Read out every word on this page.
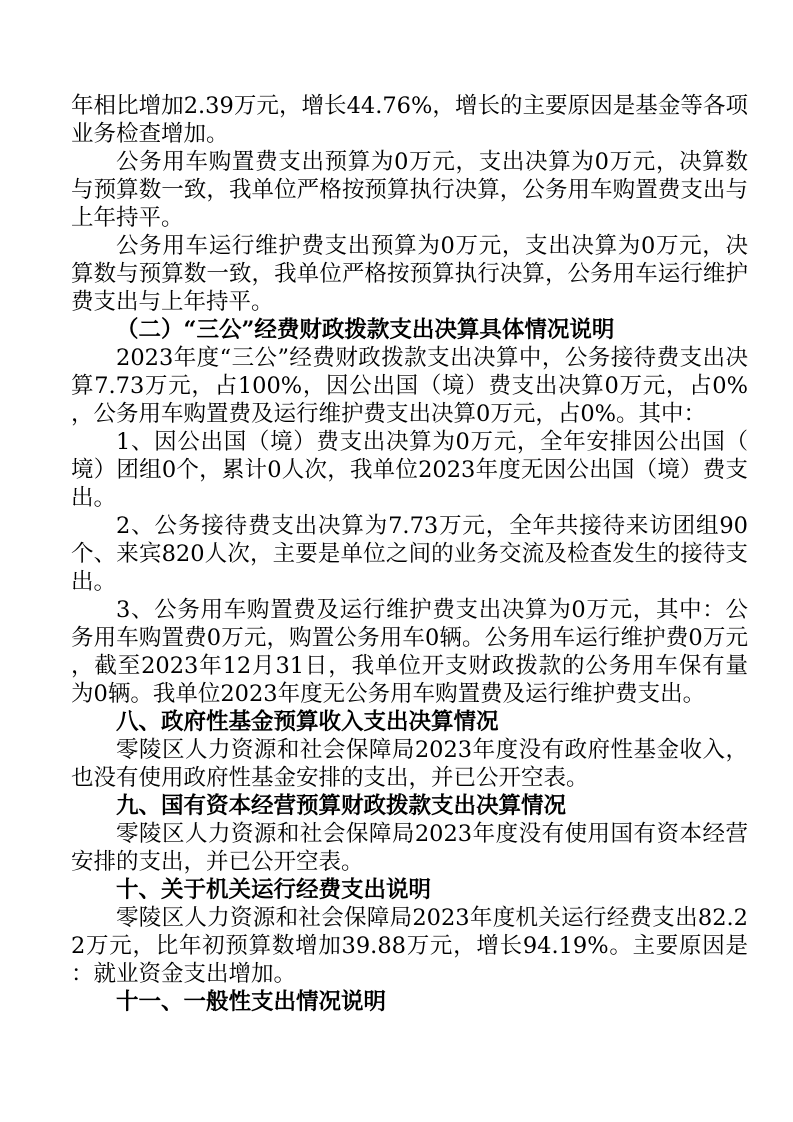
年相比增加2.39万元，增长44.76%，增长的主要原因是基金等各项业务检查增加。

公务用车购置费支出预算为0万元，支出决算为0万元，决算数与预算数一致，我单位严格按预算执行决算，公务用车购置费支出与上年持平。

公务用车运行维护费支出预算为0万元，支出决算为0万元，决算数与预算数一致，我单位严格按预算执行决算，公务用车运行维护费支出与上年持平。

（二）“三公”经费财政拨款支出决算具体情况说明

2023年度“三公”经费财政拨款支出决算中，公务接待费支出决算7.73万元，占100%，因公出国（境）费支出决算0万元，占0%，公务用车购置费及运行维护费支出决算0万元，占0%。其中：

1、因公出国（境）费支出决算为0万元，全年安排因公出国（境）团组0个，累计0人次，我单位2023年度无因公出国（境）费支出。

2、公务接待费支出决算为7.73万元，全年共接待来访团组90个、来宾820人次，主要是单位之间的业务交流及检查发生的接待支出。

3、公务用车购置费及运行维护费支出决算为0万元，其中：公务用车购置费0万元，购置公务用车0辆。公务用车运行维护费0万元，截至2023年12月31日，我单位开支财政拨款的公务用车保有量为0辆。我单位2023年度无公务用车购置费及运行维护费支出。

八、政府性基金预算收入支出决算情况

零陵区人力资源和社会保障局2023年度没有政府性基金收入，也没有使用政府性基金安排的支出，并已公开空表。

九、国有资本经营预算财政拨款支出决算情况

零陵区人力资源和社会保障局2023年度没有使用国有资本经营安排的支出，并已公开空表。

十、关于机关运行经费支出说明

零陵区人力资源和社会保障局2023年度机关运行经费支出82.22万元，比年初预算数增加39.88万元，增长94.19%。主要原因是：就业资金支出增加。

十一、一般性支出情况说明
